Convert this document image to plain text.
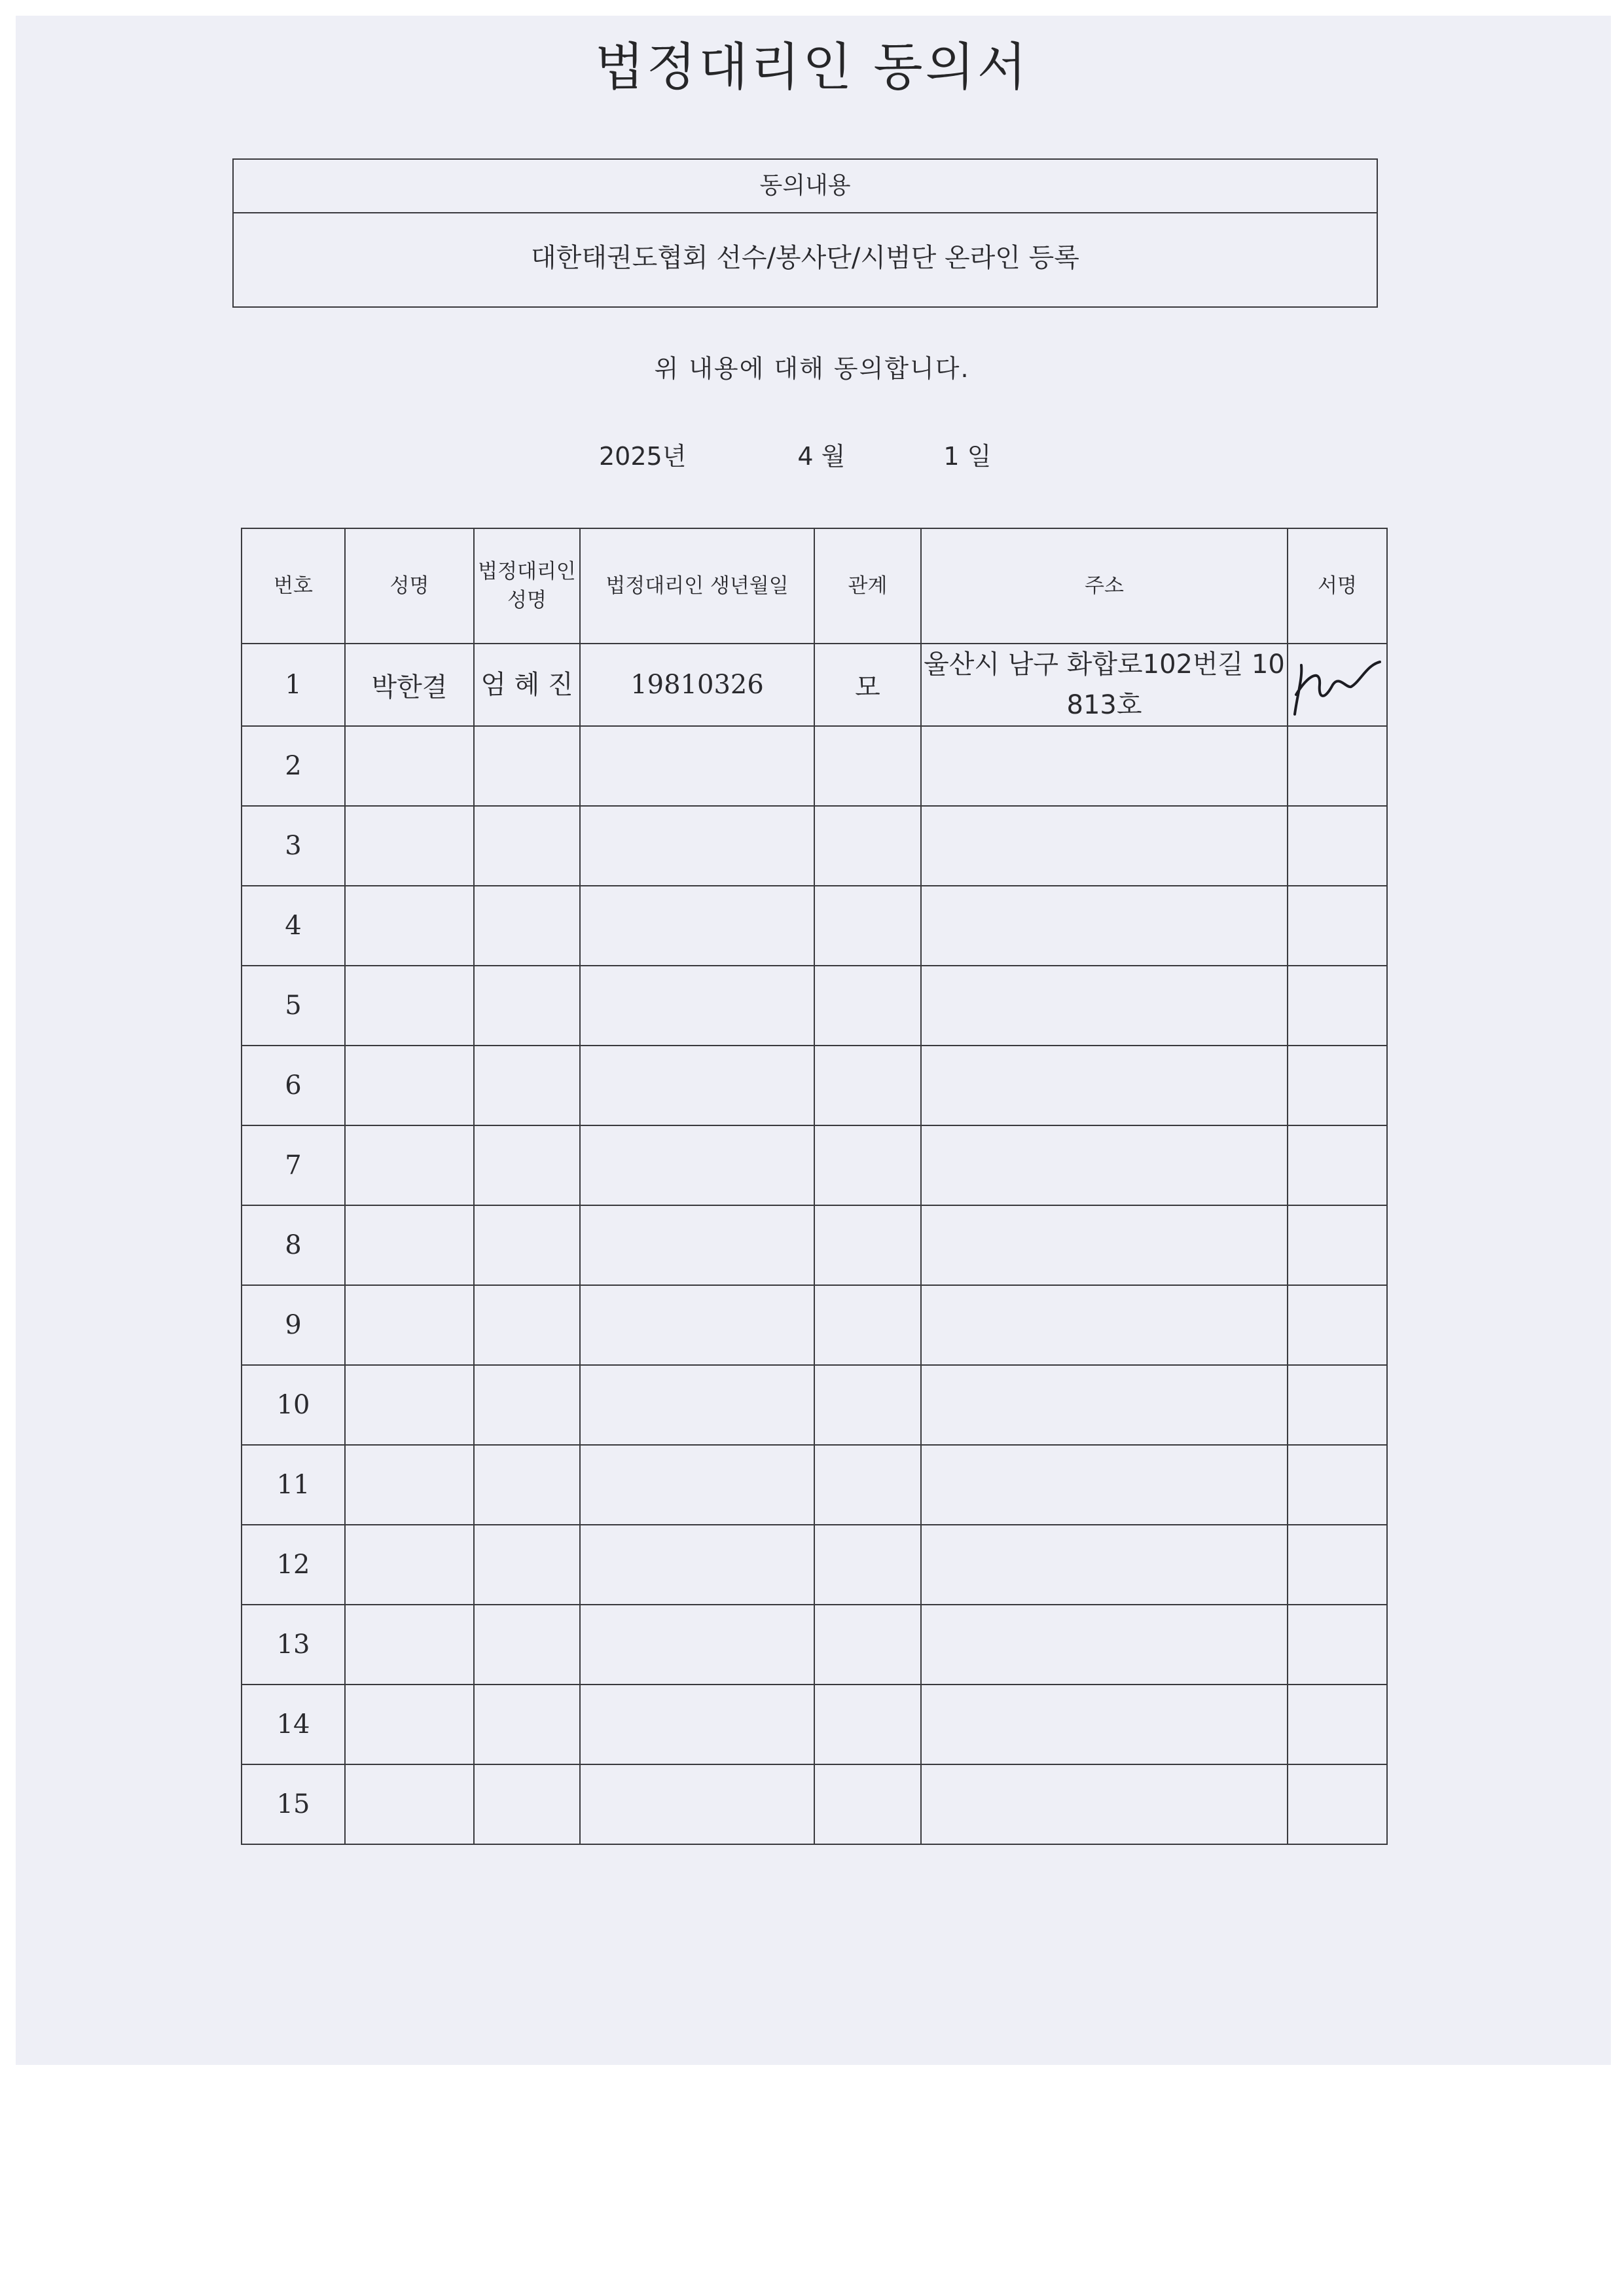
법정대리인 동의서
동의내용
대한태권도협회 선수/봉사단/시범단 온라인 등록
위 내용에 대해 동의합니다.
2025년	4 월	1 일
번호	성명	법정대리인 성명	법정대리인 생년월일	관계	주소	서명
1	박한결	엄 혜 진	19810326	모	울산시 남구 화합로102번길 10 813호	

2						
3						
4						
5						
6						
7						
8						
9						
10						
11						
12						
13						
14						
15						
